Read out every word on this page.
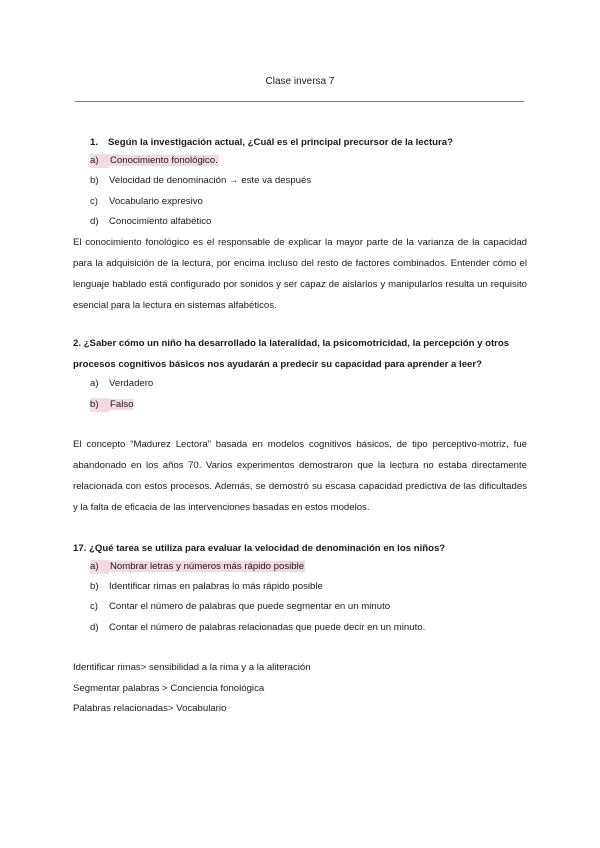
Clase inversa 7
1. Según la investigación actual, ¿Cuál es el principal precursor de la lectura?
a) Conocimiento fonológico.
b) Velocidad de denominación → este va después
c) Vocabulario expresivo
d) Conocimiento alfabético
El conocimiento fonológico es el responsable de explicar la mayor parte de la varianza de la capacidad para la adquisición de la lectura, por encima incluso del resto de factores combinados. Entender cómo el lenguaje hablado está configurado por sonidos y ser capaz de aislarlos y manipularlos resulta un requisito esencial para la lectura en sistemas alfabéticos.
2. ¿Saber cómo un niño ha desarrollado la lateralidad, la psicomotricidad, la percepción y otros procesos cognitivos básicos nos ayudarán a predecir su capacidad para aprender a leer?
a) Verdadero
b) Falso
El concepto “Madurez Lectora” basada en modelos cognitivos básicos, de tipo perceptivo-motriz, fue abandonado en los años 70. Varios experimentos demostraron que la lectura no estaba directamente relacionada con estos procesos. Además, se demostró su escasa capacidad predictiva de las dificultades y la falta de eficacia de las intervenciones basadas en estos modelos.
17. ¿Qué tarea se utiliza para evaluar la velocidad de denominación en los niños?
a) Nombrar letras y números más rápido posible
b) Identificar rimas en palabras lo más rápido posible
c) Contar el número de palabras que puede segmentar en un minuto
d) Contar el número de palabras relacionadas que puede decir en un minuto.
Identificar rimas> sensibilidad a la rima y a la aliteración
Segmentar palabras > Conciencia fonológica
Palabras relacionadas> Vocabulario
